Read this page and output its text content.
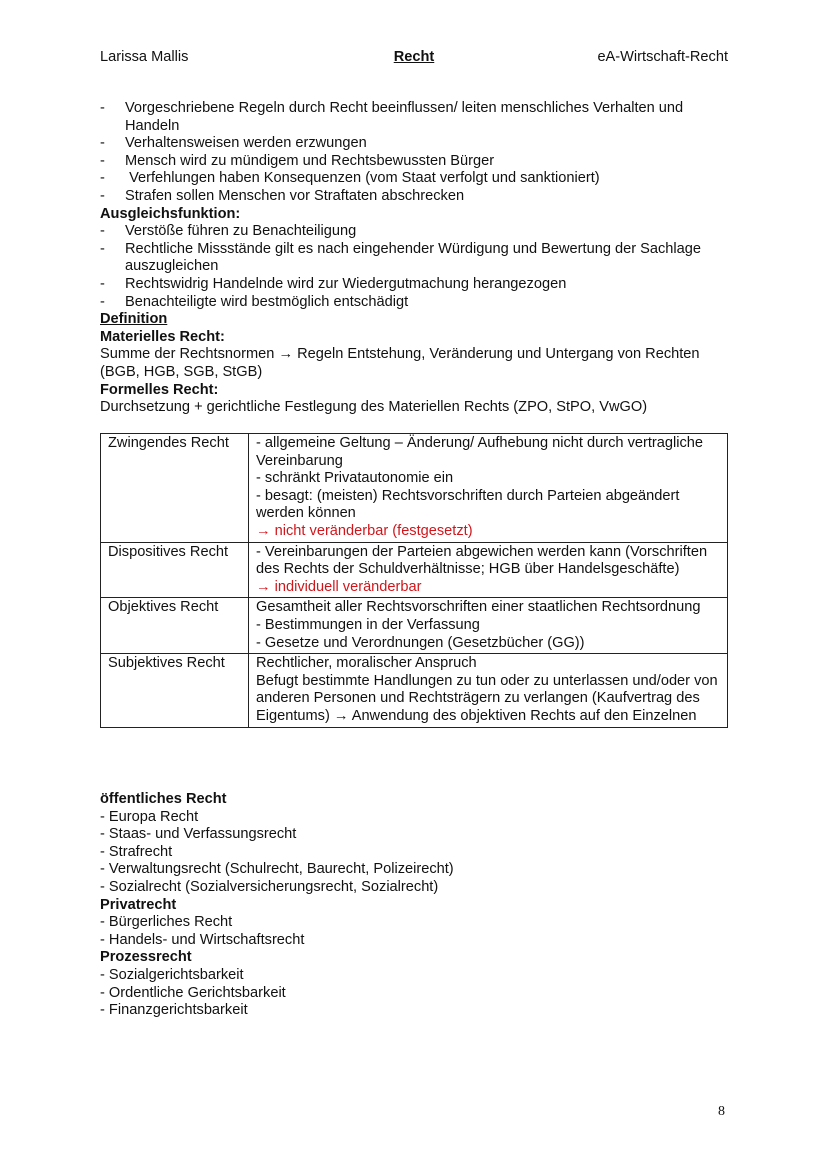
Larissa Mallis	Recht	eA-Wirtschaft-Recht
- Vorgeschriebene Regeln durch Recht beeinflussen/ leiten menschliches Verhalten und Handeln
- Verhaltensweisen werden erzwungen
- Mensch wird zu mündigem und Rechtsbewussten Bürger
- Verfehlungen haben Konsequenzen (vom Staat verfolgt und sanktioniert)
- Strafen sollen Menschen vor Straftaten abschrecken
Ausgleichsfunktion:
- Verstöße führen zu Benachteiligung
- Rechtliche Missstände gilt es nach eingehender Würdigung und Bewertung der Sachlage auszugleichen
- Rechtswidrig Handelnde wird zur Wiedergutmachung herangezogen
- Benachteiligte wird bestmöglich entschädigt
Definition
Materielles Recht:
Summe der Rechtsnormen → Regeln Entstehung, Veränderung und Untergang von Rechten (BGB, HGB, SGB, StGB)
Formelles Recht:
Durchsetzung + gerichtliche Festlegung des Materiellen Rechts (ZPO, StPO, VwGO)
Zwingendes Recht	- allgemeine Geltung – Änderung/ Aufhebung nicht durch vertragliche Vereinbarung
- schränkt Privatautonomie ein
- besagt: (meisten) Rechtsvorschriften durch Parteien abgeändert werden können
→ nicht veränderbar (festgesetzt)

Dispositives Recht	- Vereinbarungen der Parteien abgewichen werden kann (Vorschriften des Rechts der Schuldverhältnisse; HGB über Handelsgeschäfte)
→ individuell veränderbar

Objektives Recht	Gesamtheit aller Rechtsvorschriften einer staatlichen Rechtsordnung
- Bestimmungen in der Verfassung
- Gesetze und Verordnungen (Gesetzbücher (GG))

Subjektives Recht	Rechtlicher, moralischer Anspruch
Befugt bestimmte Handlungen zu tun oder zu unterlassen und/oder von anderen Personen und Rechtsträgern zu verlangen (Kaufvertrag des Eigentums) → Anwendung des objektiven Rechts auf den Einzelnen
öffentliches Recht
- Europa Recht
- Staas- und Verfassungsrecht
- Strafrecht
- Verwaltungsrecht (Schulrecht, Baurecht, Polizeirecht)
- Sozialrecht (Sozialversicherungsrecht, Sozialrecht)
Privatrecht
- Bürgerliches Recht
- Handels- und Wirtschaftsrecht
Prozessrecht
- Sozialgerichtsbarkeit
- Ordentliche Gerichtsbarkeit
- Finanzgerichtsbarkeit
8
